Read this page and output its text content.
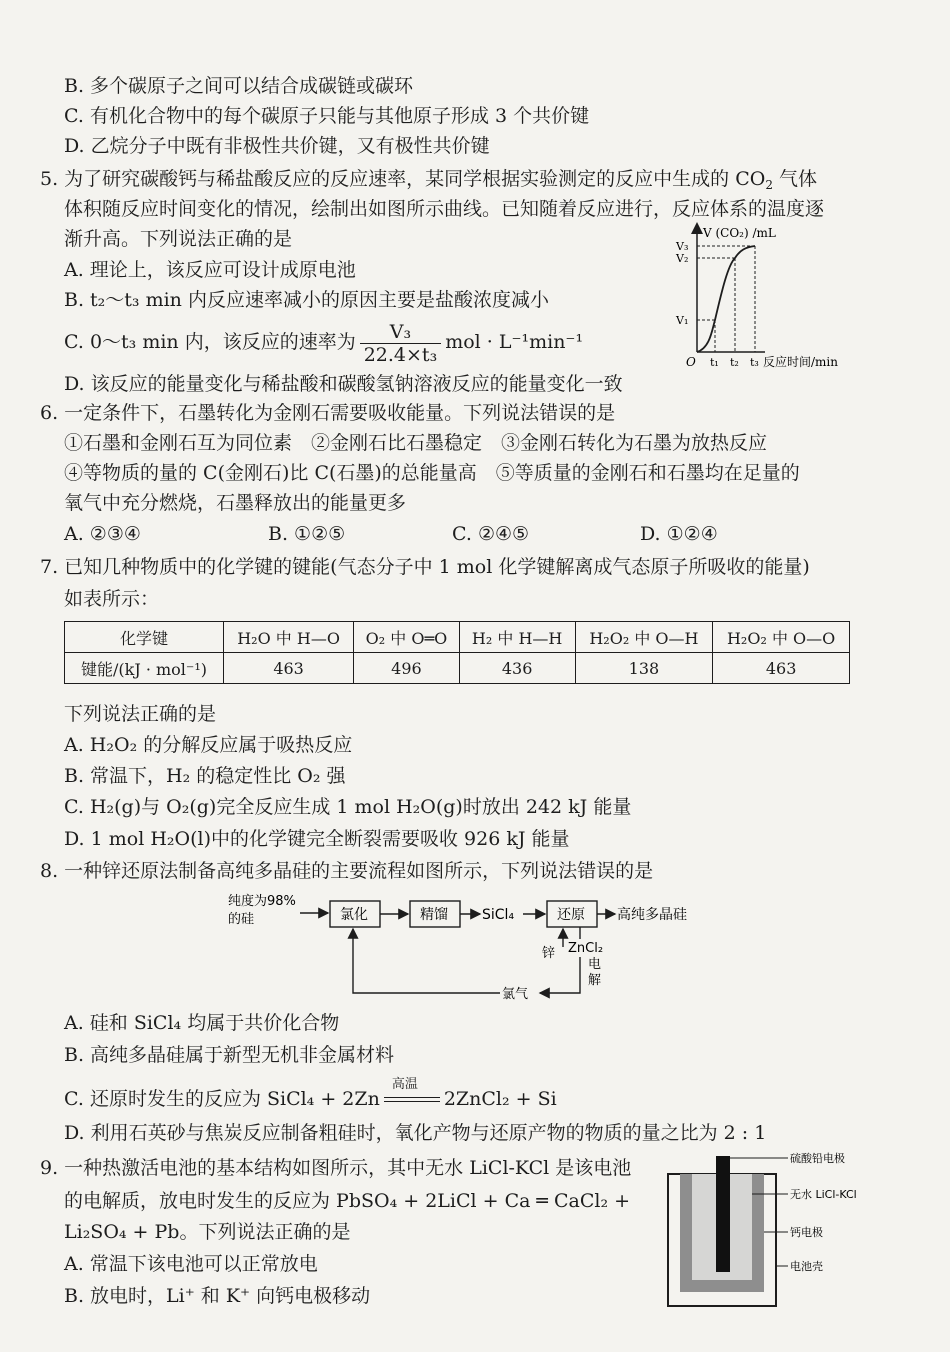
B. 多个碳原子之间可以结合成碳链或碳环
C. 有机化合物中的每个碳原子只能与其他原子形成 3 个共价键
D. 乙烷分子中既有非极性共价键，又有极性共价键
5. 为了研究碳酸钙与稀盐酸反应的反应速率，某同学根据实验测定的反应中生成的 $CO_2$ 气体
体积随反应时间变化的情况，绘制出如图所示曲线。已知随着反应进行，反应体系的温度逐
渐升高。下列说法正确的是
A. 理论上，该反应可设计成原电池
B. t₂～t₃ min 内反应速率减小的原因主要是盐酸浓度减小
C. 0～t₃ min 内，该反应的速率为 $\frac{\text{V₃}}{\text{22.4×t₃}}$ mol · L⁻¹min⁻¹
D. 该反应的能量变化与稀盐酸和碳酸氢钠溶液反应的能量变化一致
V (CO₂) /mL
V₃
V₂
V₁
O t₁ t₂ t₃ 反应时间/min
6. 一定条件下，石墨转化为金刚石需要吸收能量。下列说法错误的是
①石墨和金刚石互为同位素　②金刚石比石墨稳定　③金刚石转化为石墨为放热反应
④等物质的量的 C(金刚石)比 C(石墨)的总能量高　⑤等质量的金刚石和石墨均在足量的
氧气中充分燃烧，石墨释放出的能量更多
A. ②③④	B. ①②⑤	C. ②④⑤	D. ①②④
7. 已知几种物质中的化学键的键能(气态分子中 1 mol 化学键解离成气态原子所吸收的能量)
如表所示：
化学键	H₂O 中 H—O	O₂ 中 O═O	H₂ 中 H—H	H₂O₂ 中 O—H	H₂O₂ 中 O—O
键能/(kJ · mol⁻¹)	463	496	436	138	463
下列说法正确的是
A. H₂O₂ 的分解反应属于吸热反应
B. 常温下，H₂ 的稳定性比 O₂ 强
C. H₂(g)与 O₂(g)完全反应生成 1 mol H₂O(g)时放出 242 kJ 能量
D. 1 mol H₂O(l)中的化学键完全断裂需要吸收 926 kJ 能量
8. 一种锌还原法制备高纯多晶硅的主要流程如图所示，下列说法错误的是
纯度为98%
的硅	氯化	精馏 SiCl₄	还原 高纯多晶硅
锌 ZnCl₂
电
解
氯气
A. 硅和 SiCl₄ 均属于共价化合物
B. 高纯多晶硅属于新型无机非金属材料
C. 还原时发生的反应为 SiCl₄ + 2Zn
高温
2ZnCl₂ + Si
D. 利用石英砂与焦炭反应制备粗硅时，氧化产物与还原产物的物质的量之比为 2 : 1
9. 一种热激活电池的基本结构如图所示，其中无水 LiCl-KCl 是该电池
的电解质，放电时发生的反应为 PbSO₄ + 2LiCl + Ca ═ CaCl₂ +
Li₂SO₄ + Pb。下列说法正确的是
A. 常温下该电池可以正常放电
B. 放电时，Li⁺ 和 K⁺ 向钙电极移动
硫酸铅电极
无水 LiCl-KCl
钙电极
电池壳
